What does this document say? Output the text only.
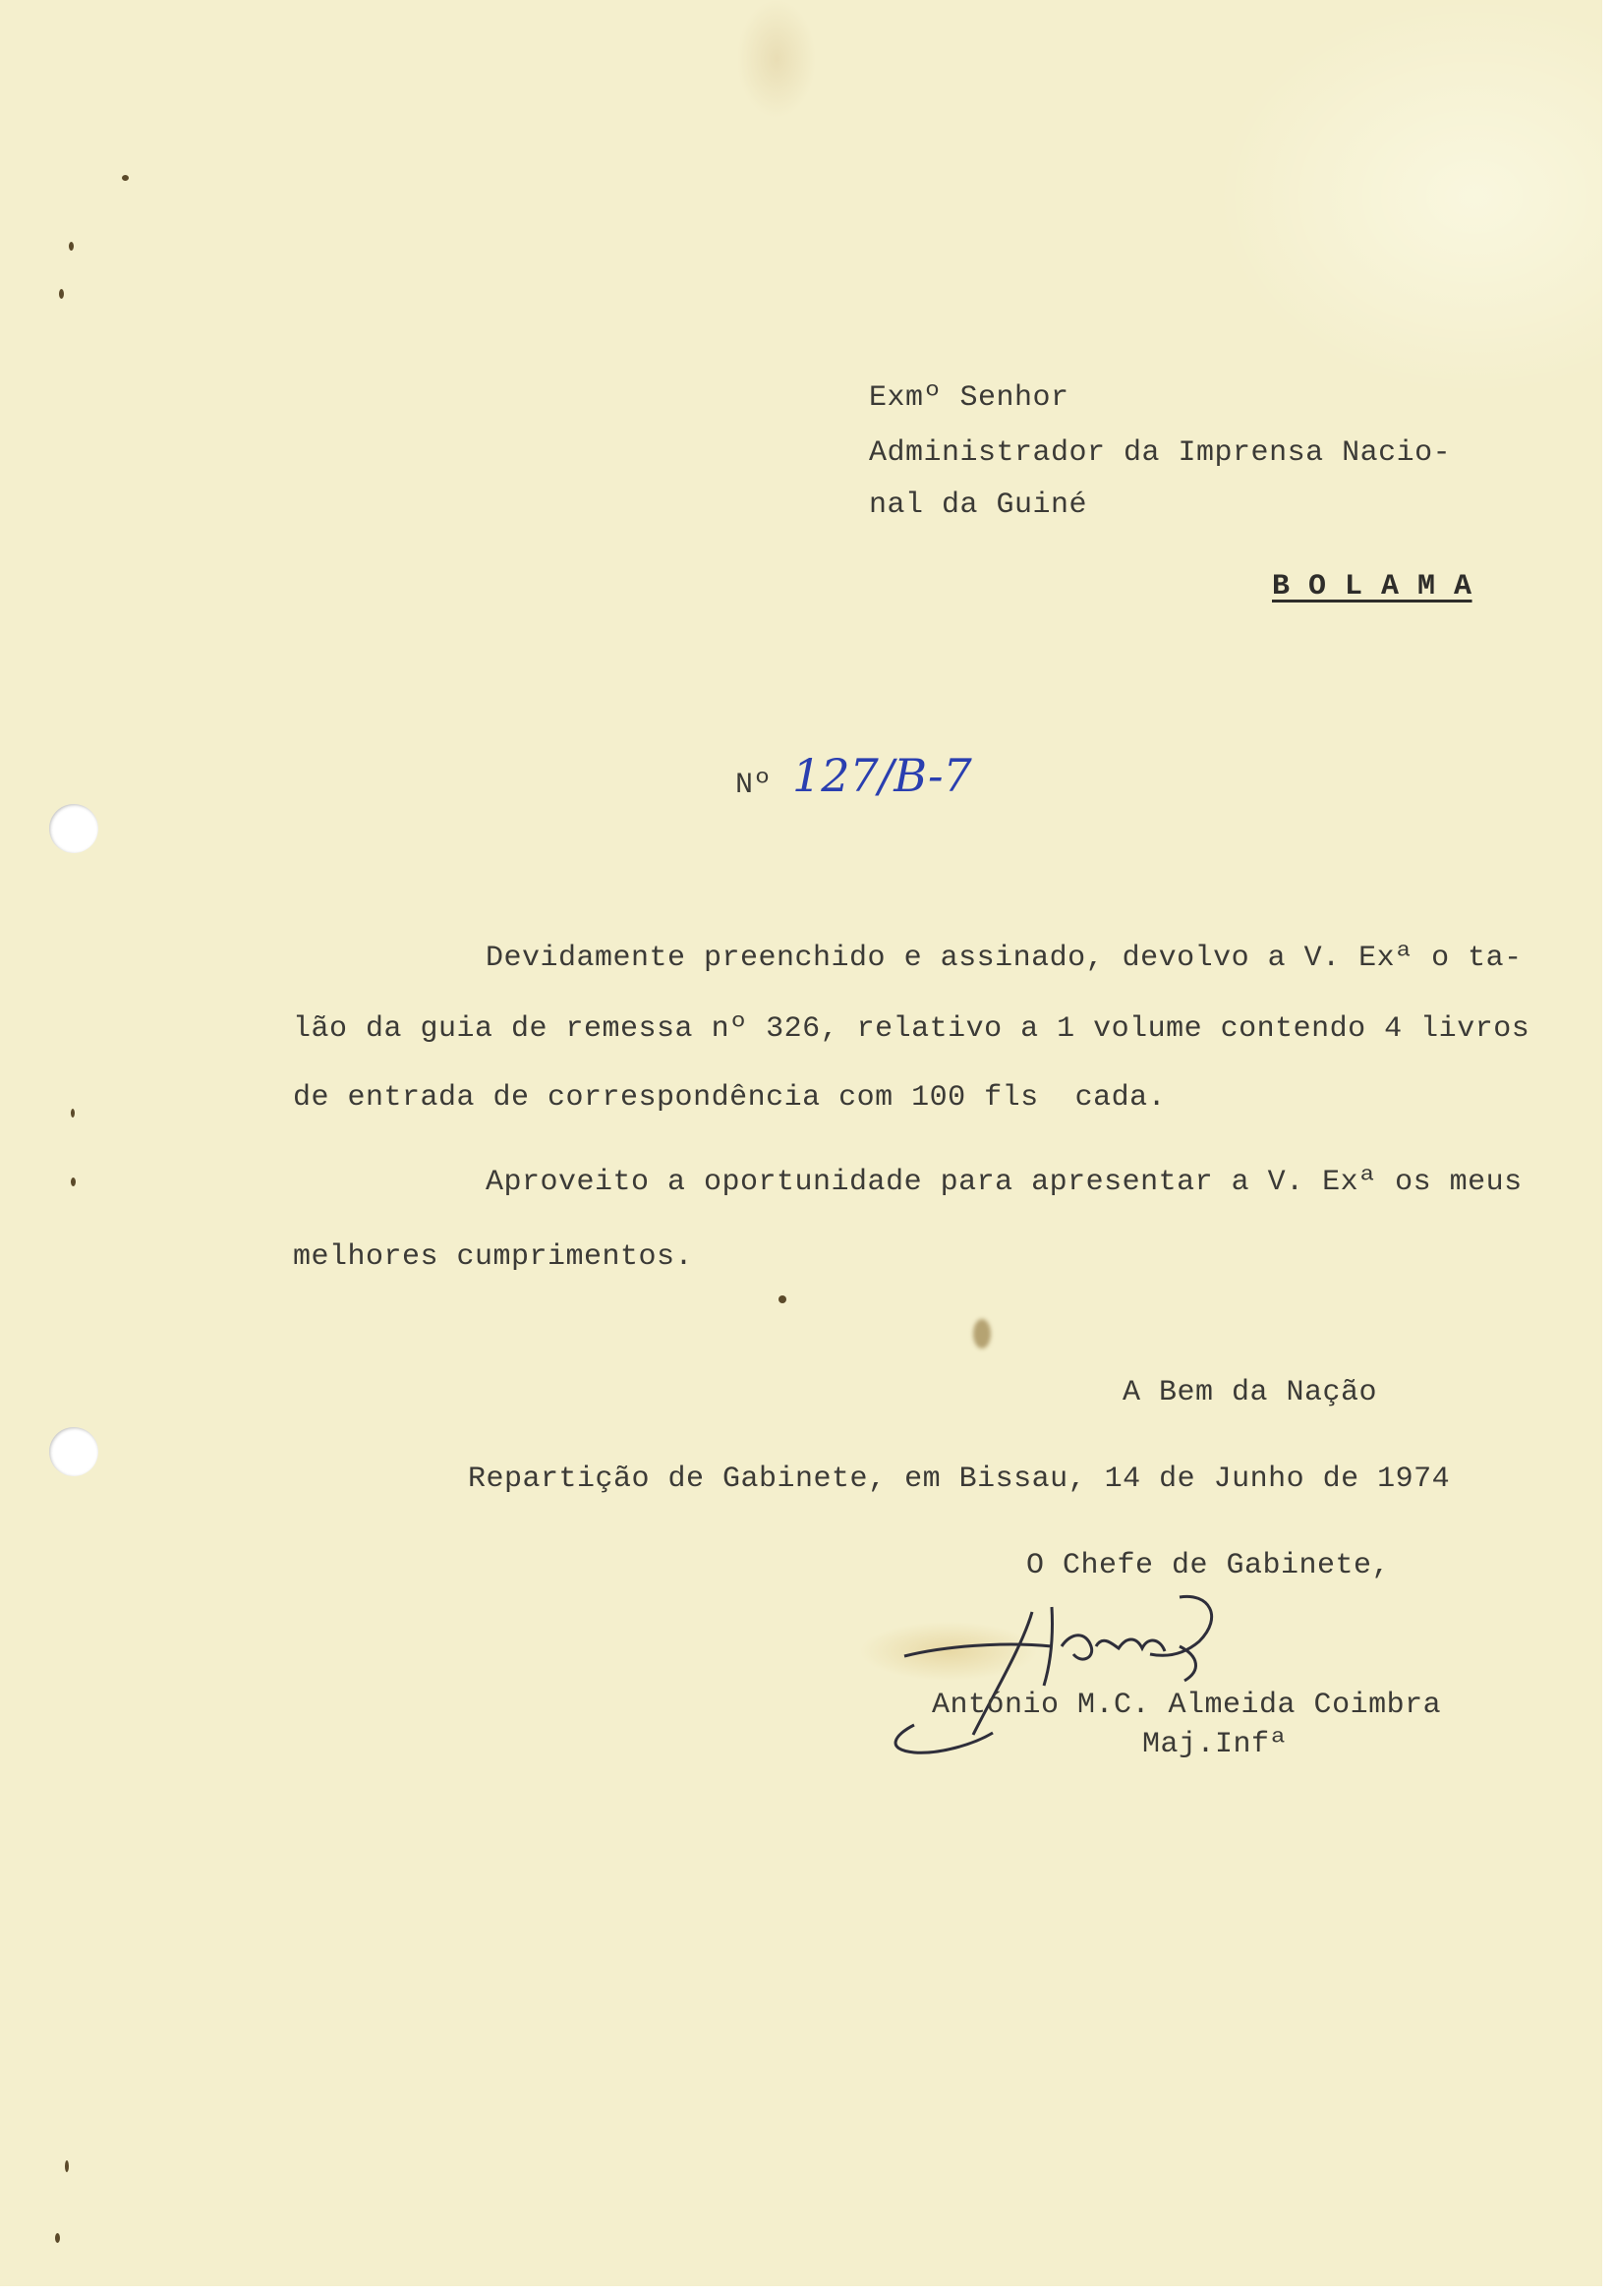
Exmº Senhor

Administrador da Imprensa Nacio-

nal da Guiné

B O L A M A

Nº 127/B-7

Devidamente preenchido e assinado, devolvo a V. Exª o ta-

lão da guia de remessa nº 326, relativo a 1 volume contendo 4 livros

de entrada de correspondência com 100 fls  cada.

Aproveito a oportunidade para apresentar a V. Exª os meus

melhores cumprimentos.

A Bem da Nação

Repartição de Gabinete, em Bissau, 14 de Junho de 1974

O Chefe de Gabinete,

António M.C. Almeida Coimbra

Maj.Infª
